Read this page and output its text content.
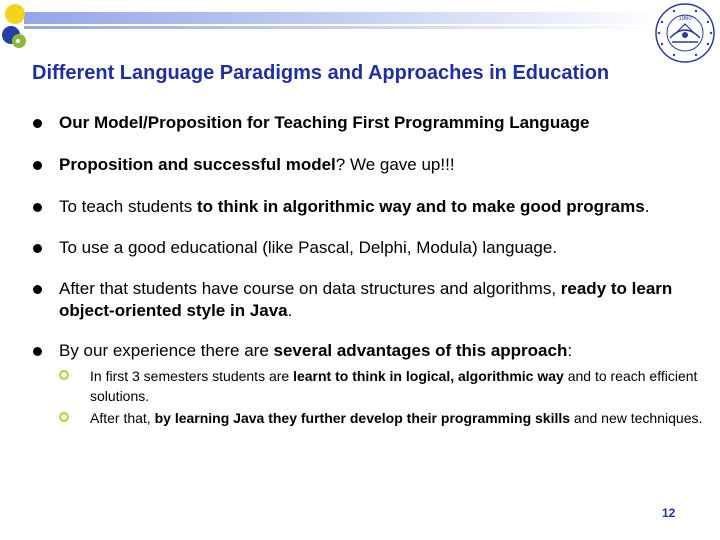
1960
Different Language Paradigms and Approaches in Education
Our Model/Proposition for Teaching First Programming Language
Proposition and successful model? We gave up!!!
To teach students to think in algorithmic way and to make good programs.
To use a good educational (like Pascal, Delphi, Modula) language.
After that students have course on data structures and algorithms, ready to learn object-oriented style in Java.
By our experience there are several advantages of this approach:
In first 3 semesters students are learnt to think in logical, algorithmic way and to reach efficient solutions.
After that, by learning Java they further develop their programming skills and new techniques.
12
